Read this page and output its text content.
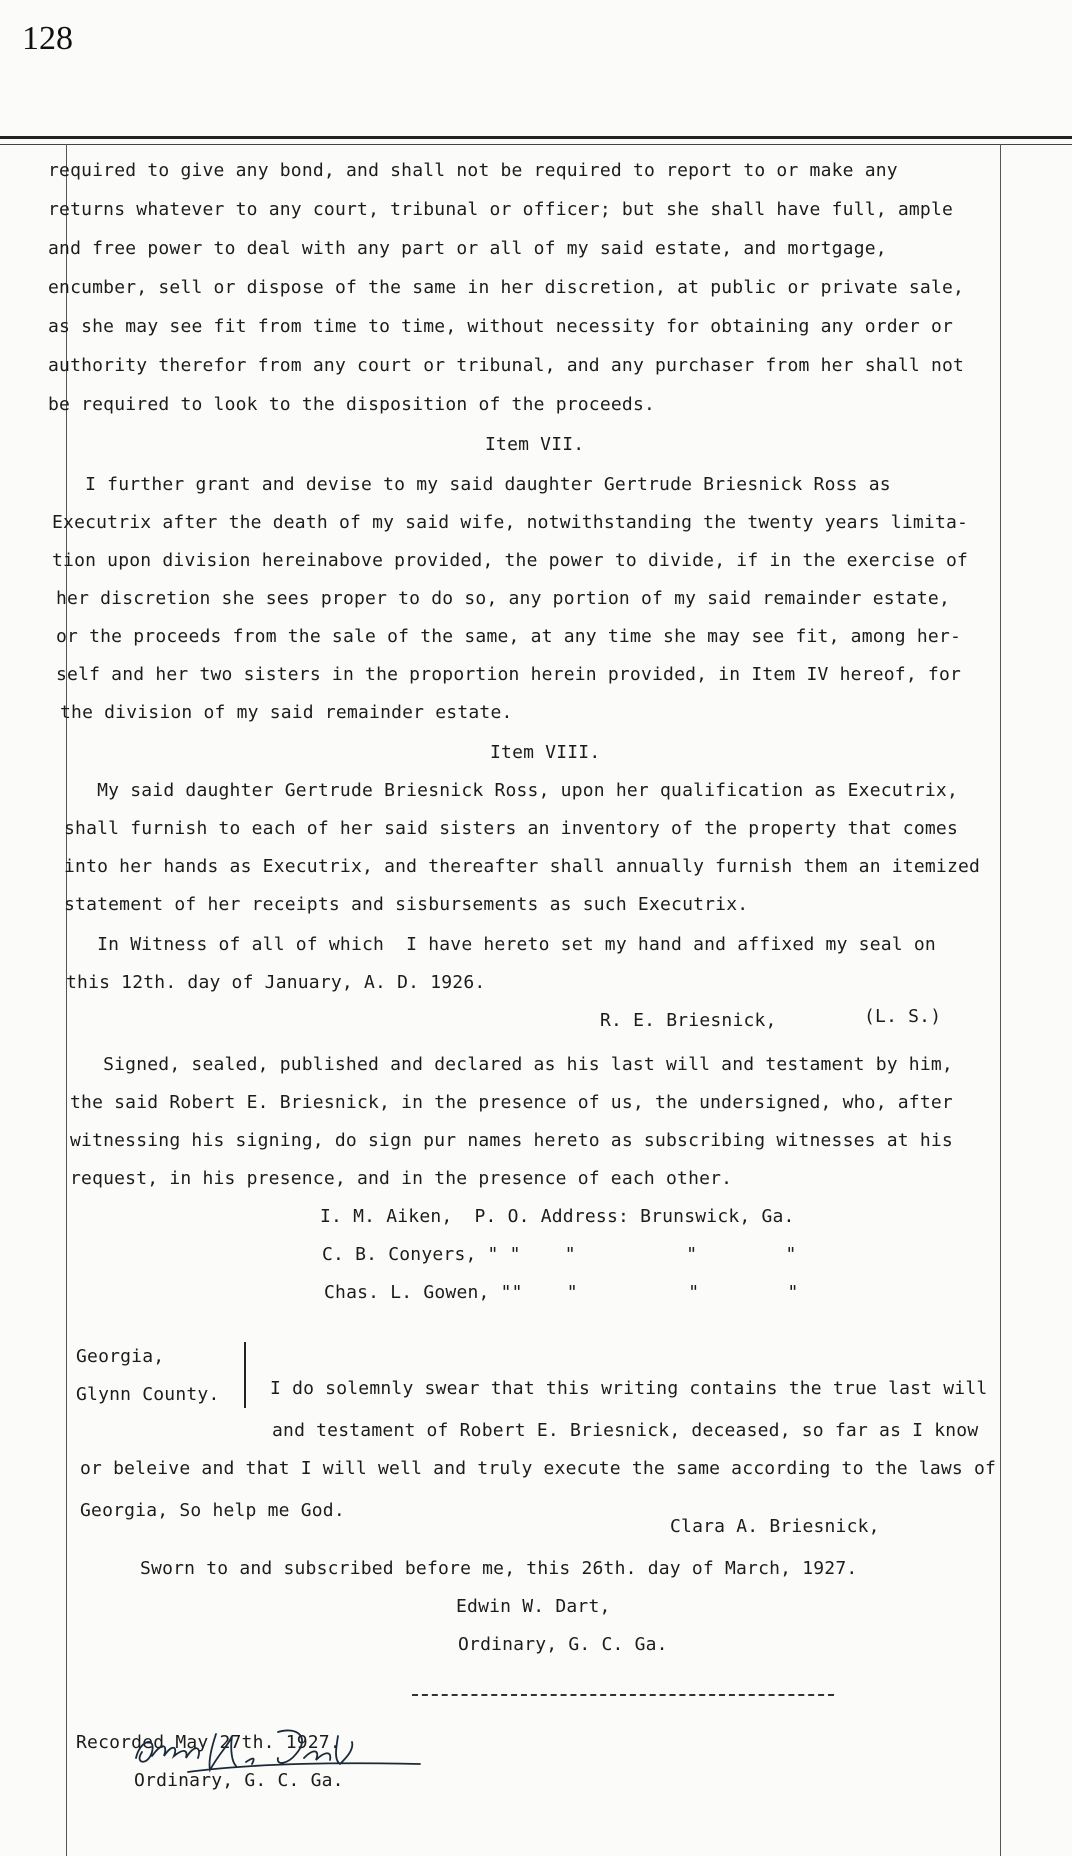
128
required to give any bond, and shall not be required to report to or make any
returns whatever to any court, tribunal or officer; but she shall have full, ample
and free power to deal with any part or all of my said estate, and mortgage,
encumber, sell or dispose of the same in her discretion, at public or private sale,
as she may see fit from time to time, without necessity for obtaining any order or
authority therefor from any court or tribunal, and any purchaser from her shall not
be required to look to the disposition of the proceeds.
Item VII.
I further grant and devise to my said daughter Gertrude Briesnick Ross as
Executrix after the death of my said wife, notwithstanding the twenty years limita-
tion upon division hereinabove provided, the power to divide, if in the exercise of
her discretion she sees proper to do so, any portion of my said remainder estate,
or the proceeds from the sale of the same, at any time she may see fit, among her-
self and her two sisters in the proportion herein provided, in Item IV hereof, for
the division of my said remainder estate.
Item VIII.
My said daughter Gertrude Briesnick Ross, upon her qualification as Executrix,
shall furnish to each of her said sisters an inventory of the property that comes
into her hands as Executrix, and thereafter shall annually furnish them an itemized
statement of her receipts and sisbursements as such Executrix.
In Witness of all of which  I have hereto set my hand and affixed my seal on
this 12th. day of January, A. D. 1926.
R. E. Briesnick,	(L. S.)
Signed, sealed, published and declared as his last will and testament by him,
the said Robert E. Briesnick, in the presence of us, the undersigned, who, after
witnessing his signing, do sign pur names hereto as subscribing witnesses at his
request, in his presence, and in the presence of each other.
I. M. Aiken,  P. O. Address: Brunswick, Ga.
C. B. Conyers, " "    "          "        "
Chas. L. Gowen, ""    "          "        "
Georgia,
Glynn County.	I do solemnly swear that this writing contains the true last will
and testament of Robert E. Briesnick, deceased, so far as I know
or beleive and that I will well and truly execute the same according to the laws of
Georgia, So help me God.
Clara A. Briesnick,
Sworn to and subscribed before me, this 26th. day of March, 1927.
Edwin W. Dart,
Ordinary, G. C. Ga.
Recorded May 27th. 1927.
Ordinary, G. C. Ga.
